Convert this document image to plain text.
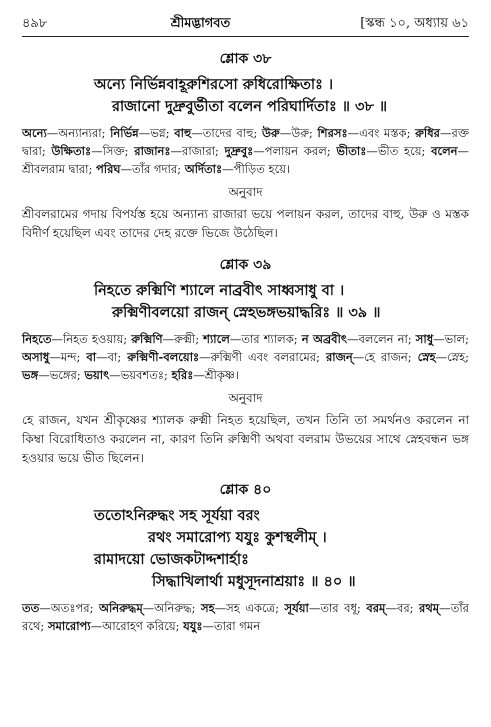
৪৯৮	শ্রীমদ্ভাগবত	[স্কন্ধ ১০, অধ্যায় ৬১
শ্লোক ৩৮
অন্যে নির্ভিন্নবাহূরুশিরসো রুধিরোক্ষিতাঃ ।
রাজানো দুদ্রুবুর্ভীতা বলেন পরিঘার্দিতাঃ ॥ ৩৮ ॥
অন্যে—অন্যান্যরা; নির্ভিন্ন—ভগ্ন; বাহু—তাদের বাহু; উরু—উরু; শিরসঃ—এবং মস্তক; রুধির—রক্ত দ্বারা; উক্ষিতাঃ—সিক্ত; রাজানঃ—রাজারা; দুদ্রুবুঃ—পলায়ন করল; ভীতাঃ—ভীত হয়ে; বলেন—শ্রীবলরাম দ্বারা; পরিঘ—তাঁর গদার; অর্দিতাঃ—পীড়িত হয়ে।
অনুবাদ
শ্রীবলরামের গদায় বিপর্যস্ত হয়ে অন্যান্য রাজারা ভয়ে পলায়ন করল, তাদের বাহু, উরু ও মস্তক বিদীর্ণ হয়েছিল এবং তাদের দেহ রক্তে ভিজে উঠেছিল।
শ্লোক ৩৯
নিহতে রুক্মিণি শ্যালে নাব্রবীৎ সাধ্বসাধু বা ।
রুক্মিণীবলয়ো রাজন্ স্নেহভঙ্গভয়াদ্ধরিঃ ॥ ৩৯ ॥
নিহতে—নিহত হওয়ায়; রুক্মিণি—রুক্মী; শ্যালে—তার শ্যালক; ন অব্রবীৎ—বললেন না; সাধু—ভাল; অসাধু—মন্দ; বা—বা; রুক্মিণী-বলয়োঃ—রুক্মিণী এবং বলরামের; রাজন্—হে রাজন; স্নেহ—স্নেহ; ভঙ্গ—ভঙ্গের; ভয়াৎ—ভয়বশতঃ; হরিঃ—শ্রীকৃষ্ণ।
অনুবাদ
হে রাজন, যখন শ্রীকৃষ্ণের শ্যালক রুক্মী নিহত হয়েছিল, তখন তিনি তা সমর্থনও করলেন না কিম্বা বিরোধিতাও করলেন না, কারণ তিনি রুক্মিণী অথবা বলরাম উভয়ের সাথে স্নেহবন্ধন ভঙ্গ হওয়ার ভয়ে ভীত ছিলেন।
শ্লোক ৪০
ততোঽনিরুদ্ধং সহ সূর্যয়া বরং
রথং সমারোপ্য যযুঃ কুশস্থলীম্ ।
রামাদয়ো ভোজকটাদ্দশার্হাঃ
সিদ্ধাখিলার্থা মধুসূদনাশ্রয়াঃ ॥ ৪০ ॥
তত—অতঃপর; অনিরুদ্ধম্—অনিরুদ্ধ; সহ—সহ একত্রে; সূর্যয়া—তার বধূ; বরম্—বর; রথম্—তাঁর রথে; সমারোপ্য—আরোহণ করিয়ে; যযুঃ—তারা গমন
